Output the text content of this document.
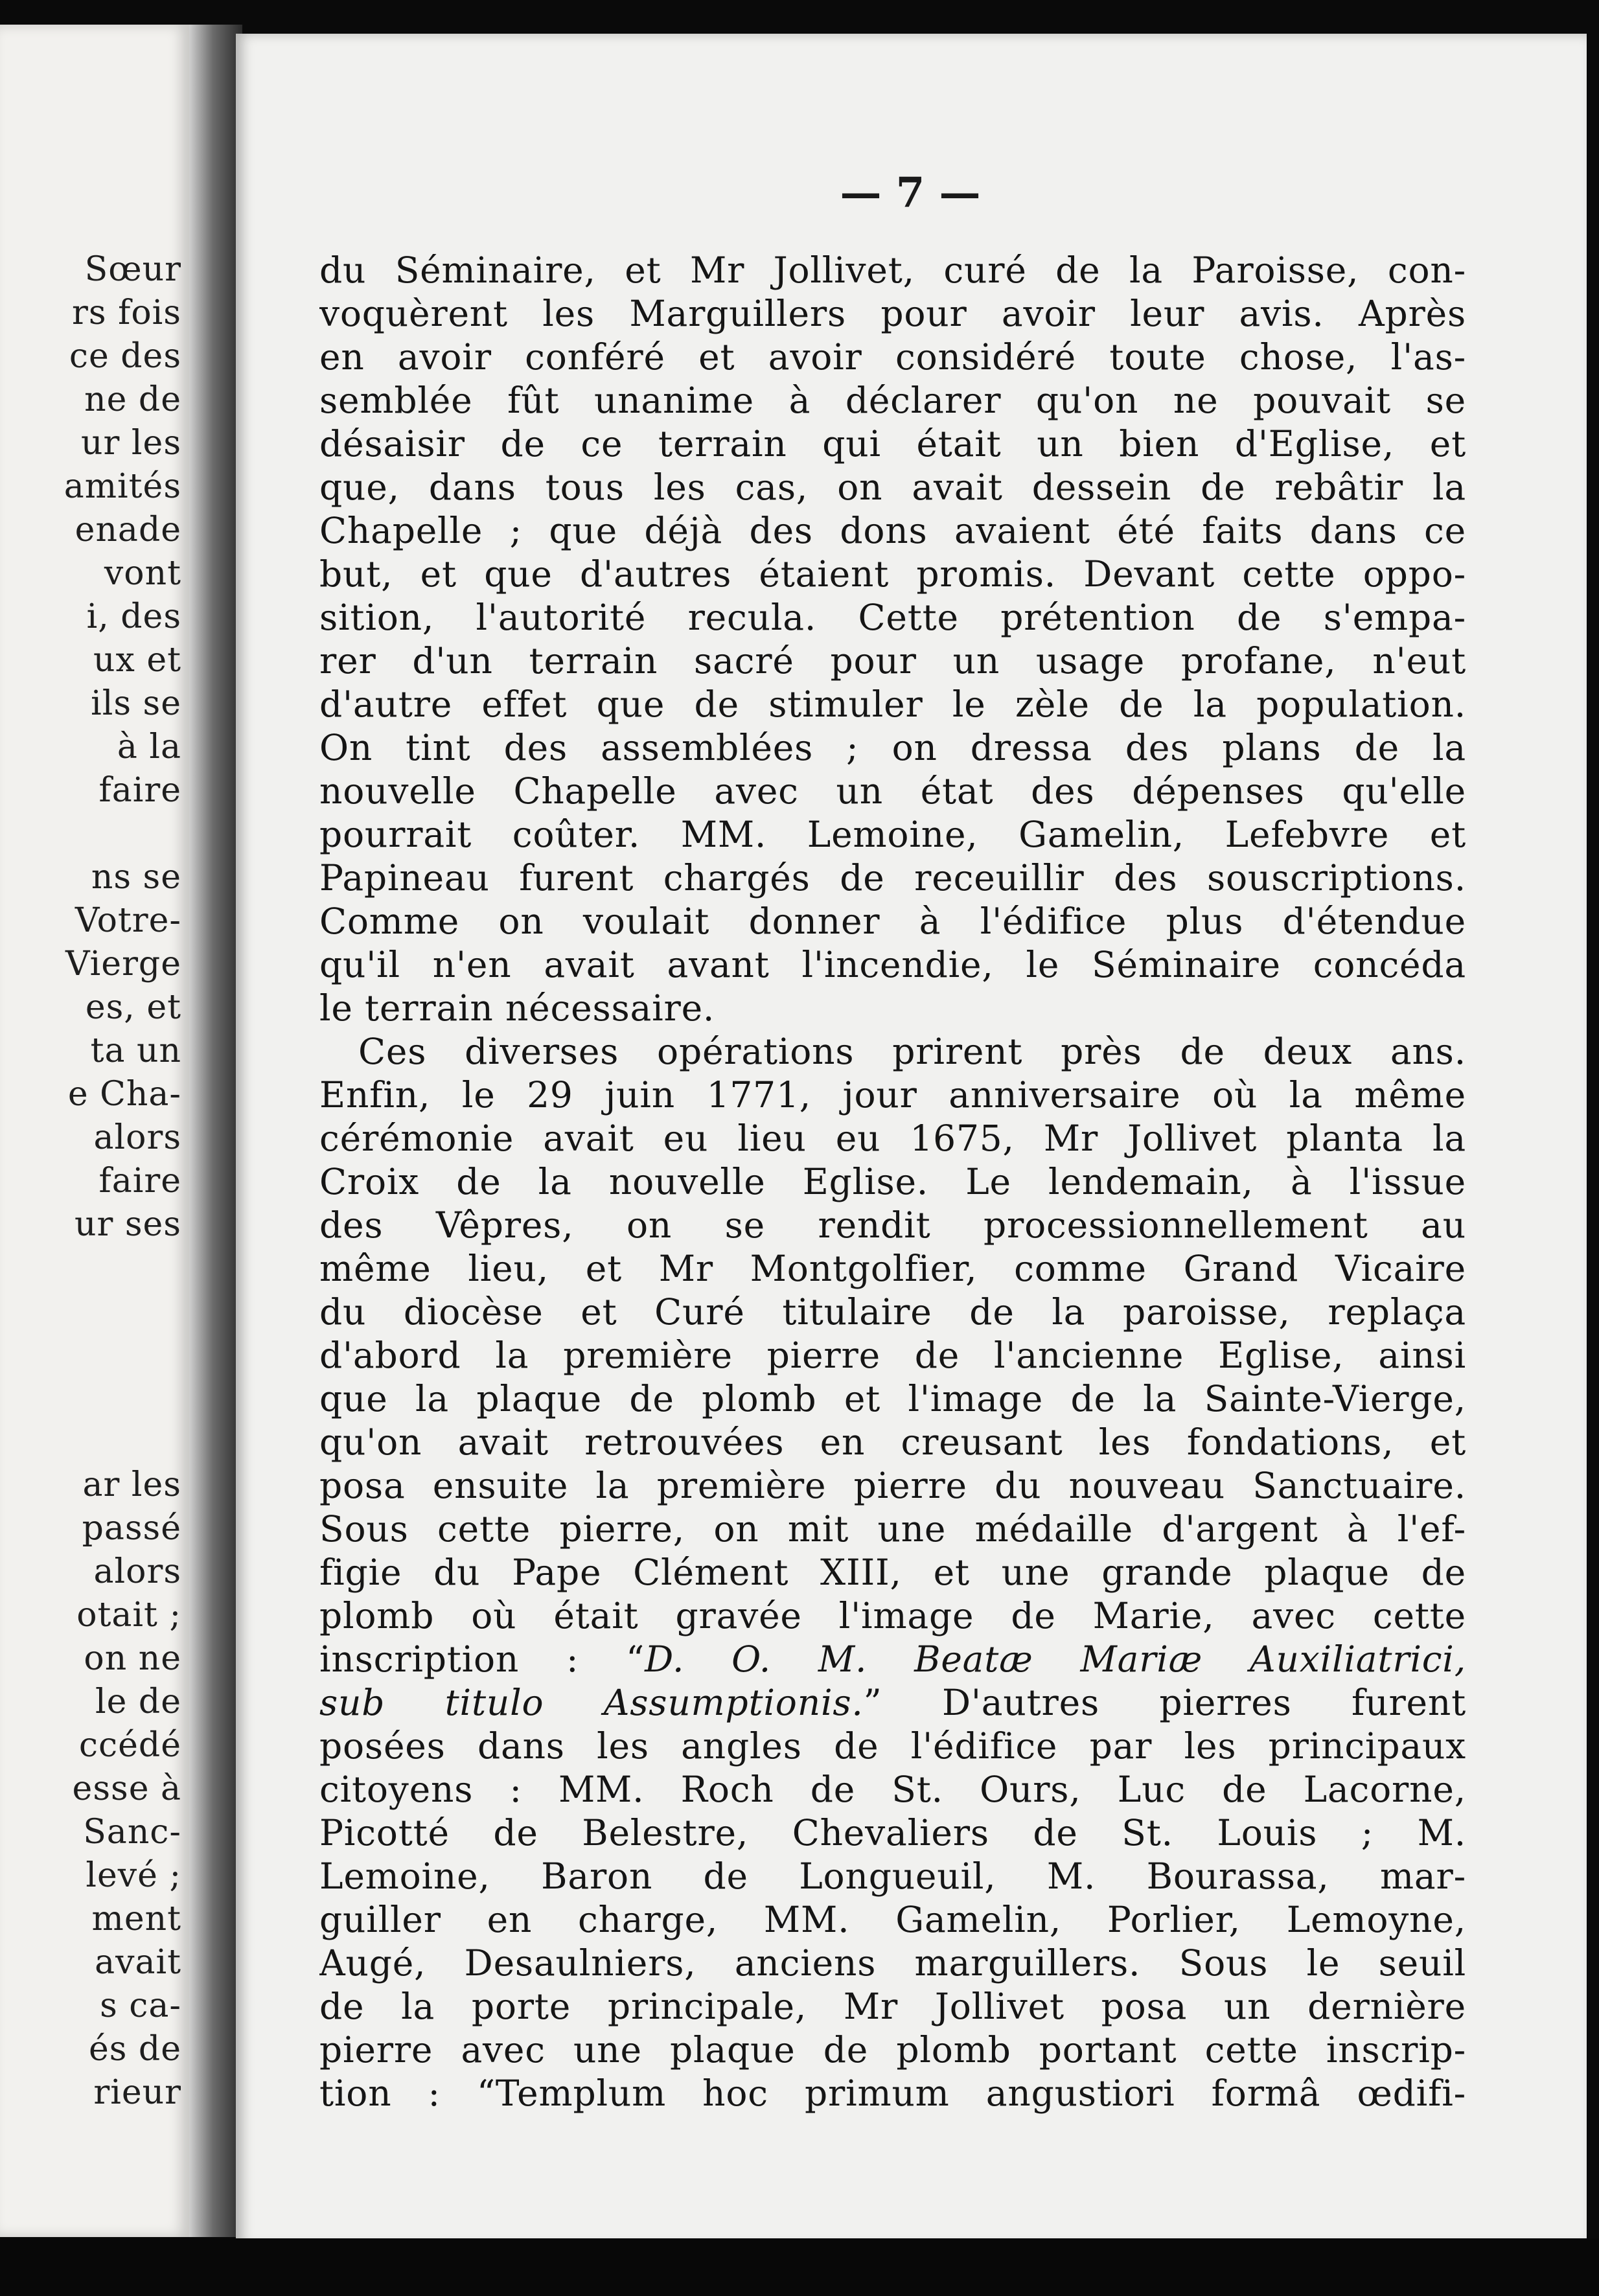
Sœur
rs fois
ce des
ne de
ur les
amités
enade
vont
i, des
ux et
ils se
à la
faire
ns se
Votre-
Vierge
es, et
ta un
e Cha-
alors
faire
ur ses
ar les
passé
alors
otait ;
on ne
le de
ccédé
esse à
Sanc-
levé ;
ment
avait
s ca-
és de
rieur
— 7 —
du Séminaire, et Mr Jollivet, curé de la Paroisse, con-
voquèrent les Marguillers pour avoir leur avis. Après
en avoir conféré et avoir considéré toute chose, l'as-
semblée fût unanime à déclarer qu'on ne pouvait se
désaisir de ce terrain qui était un bien d'Eglise, et
que, dans tous les cas, on avait dessein de rebâtir la
Chapelle ; que déjà des dons avaient été faits dans ce
but, et que d'autres étaient promis. Devant cette oppo-
sition, l'autorité recula. Cette prétention de s'empa-
rer d'un terrain sacré pour un usage profane, n'eut
d'autre effet que de stimuler le zèle de la population.
On tint des assemblées ; on dressa des plans de la
nouvelle Chapelle avec un état des dépenses qu'elle
pourrait coûter. MM. Lemoine, Gamelin, Lefebvre et
Papineau furent chargés de receuillir des souscriptions.
Comme on voulait donner à l'édifice plus d'étendue
qu'il n'en avait avant l'incendie, le Séminaire concéda
le terrain nécessaire.
Ces diverses opérations prirent près de deux ans.
Enfin, le 29 juin 1771, jour anniversaire où la même
cérémonie avait eu lieu eu 1675, Mr Jollivet planta la
Croix de la nouvelle Eglise. Le lendemain, à l'issue
des Vêpres, on se rendit processionnellement au
même lieu, et Mr Montgolfier, comme Grand Vicaire
du diocèse et Curé titulaire de la paroisse, replaça
d'abord la première pierre de l'ancienne Eglise, ainsi
que la plaque de plomb et l'image de la Sainte-Vierge,
qu'on avait retrouvées en creusant les fondations, et
posa ensuite la première pierre du nouveau Sanctuaire.
Sous cette pierre, on mit une médaille d'argent à l'ef-
figie du Pape Clément XIII, et une grande plaque de
plomb où était gravée l'image de Marie, avec cette
inscription : “D. O. M. Beatæ Mariæ Auxiliatrici,
sub titulo Assumptionis.” D'autres pierres furent
posées dans les angles de l'édifice par les principaux
citoyens : MM. Roch de St. Ours, Luc de Lacorne,
Picotté de Belestre, Chevaliers de St. Louis ; M.
Lemoine, Baron de Longueuil, M. Bourassa, mar-
guiller en charge, MM. Gamelin, Porlier, Lemoyne,
Augé, Desaulniers, anciens marguillers. Sous le seuil
de la porte principale, Mr Jollivet posa un dernière
pierre avec une plaque de plomb portant cette inscrip-
tion : “Templum hoc primum angustiori formâ œdifi-
